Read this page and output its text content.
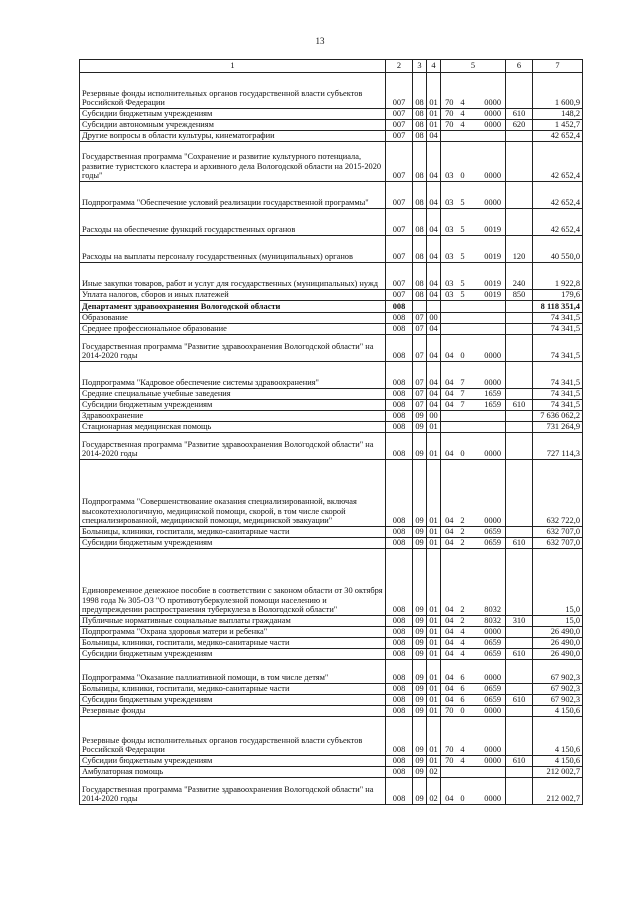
13
1	2	3	4	5			6	7
Резервные фонды исполнительных органов государственной власти субъектов Российской Федерации	007	08	01	70	4	0000		1 600,9
Субсидии бюджетным учреждениям	007	08	01	70	4	0000	610	148,2
Субсидии автономным учреждениям	007	08	01	70	4	0000	620	1 452,7
Другие вопросы в области культуры, кинематографии	007	08	04					42 652,4
Государственная программа "Сохранение и развитие культурного потенциала, развитие туристского кластера и архивного дела Вологодской области на 2015-2020 годы"	007	08	04	03	0	0000		42 652,4
Подпрограмма "Обеспечение условий реализации государственной программы"	007	08	04	03	5	0000		42 652,4
Расходы на обеспечение функций государственных органов	007	08	04	03	5	0019		42 652,4
Расходы на выплаты персоналу государственных (муниципальных) органов	007	08	04	03	5	0019	120	40 550,0
Иные закупки товаров, работ и услуг для государственных (муниципальных) нужд	007	08	04	03	5	0019	240	1 922,8
Уплата налогов, сборов и иных платежей	007	08	04	03	5	0019	850	179,6
Департамент здравоохранения Вологодской области	008							8 118 351,4
Образование	008	07	00					74 341,5
Среднее профессиональное образование	008	07	04					74 341,5
Государственная программа "Развитие здравоохранения Вологодской области" на 2014-2020 годы	008	07	04	04	0	0000		74 341,5
Подпрограмма "Кадровое обеспечение системы здравоохранения"	008	07	04	04	7	0000		74 341,5
Средние специальные учебные заведения	008	07	04	04	7	1659		74 341,5
Субсидии бюджетным учреждениям	008	07	04	04	7	1659	610	74 341,5
Здравоохранение	008	09	00					7 636 062,2
Стационарная медицинская помощь	008	09	01					731 264,9
Государственная программа "Развитие здравоохранения Вологодской области" на 2014-2020 годы	008	09	01	04	0	0000		727 114,3
Подпрограмма "Совершенствование оказания специализированной, включая высокотехнологичную, медицинской помощи, скорой, в том числе скорой специализированной, медицинской помощи, медицинской эвакуации"	008	09	01	04	2	0000		632 722,0
Больницы, клиники, госпитали, медико-санитарные части	008	09	01	04	2	0659		632 707,0
Субсидии бюджетным учреждениям	008	09	01	04	2	0659	610	632 707,0
Единовременное денежное пособие в соответствии с законом области от 30 октября 1998 года № 305-ОЗ "О противотуберкулезной помощи населению и предупреждении распространения туберкулеза в Вологодской области"	008	09	01	04	2	8032		15,0
Публичные нормативные социальные выплаты гражданам	008	09	01	04	2	8032	310	15,0
Подпрограмма "Охрана здоровья матери и ребенка"	008	09	01	04	4	0000		26 490,0
Больницы, клиники, госпитали, медико-санитарные части	008	09	01	04	4	0659		26 490,0
Субсидии бюджетным учреждениям	008	09	01	04	4	0659	610	26 490,0
Подпрограмма "Оказание паллиативной помощи, в том числе детям"	008	09	01	04	6	0000		67 902,3
Больницы, клиники, госпитали, медико-санитарные части	008	09	01	04	6	0659		67 902,3
Субсидии бюджетным учреждениям	008	09	01	04	6	0659	610	67 902,3
Резервные фонды	008	09	01	70	0	0000		4 150,6
Резервные фонды исполнительных органов государственной власти субъектов Российской Федерации	008	09	01	70	4	0000		4 150,6
Субсидии бюджетным учреждениям	008	09	01	70	4	0000	610	4 150,6
Амбулаторная помощь	008	09	02					212 002,7
Государственная программа "Развитие здравоохранения Вологодской области" на 2014-2020 годы	008	09	02	04	0	0000		212 002,7
